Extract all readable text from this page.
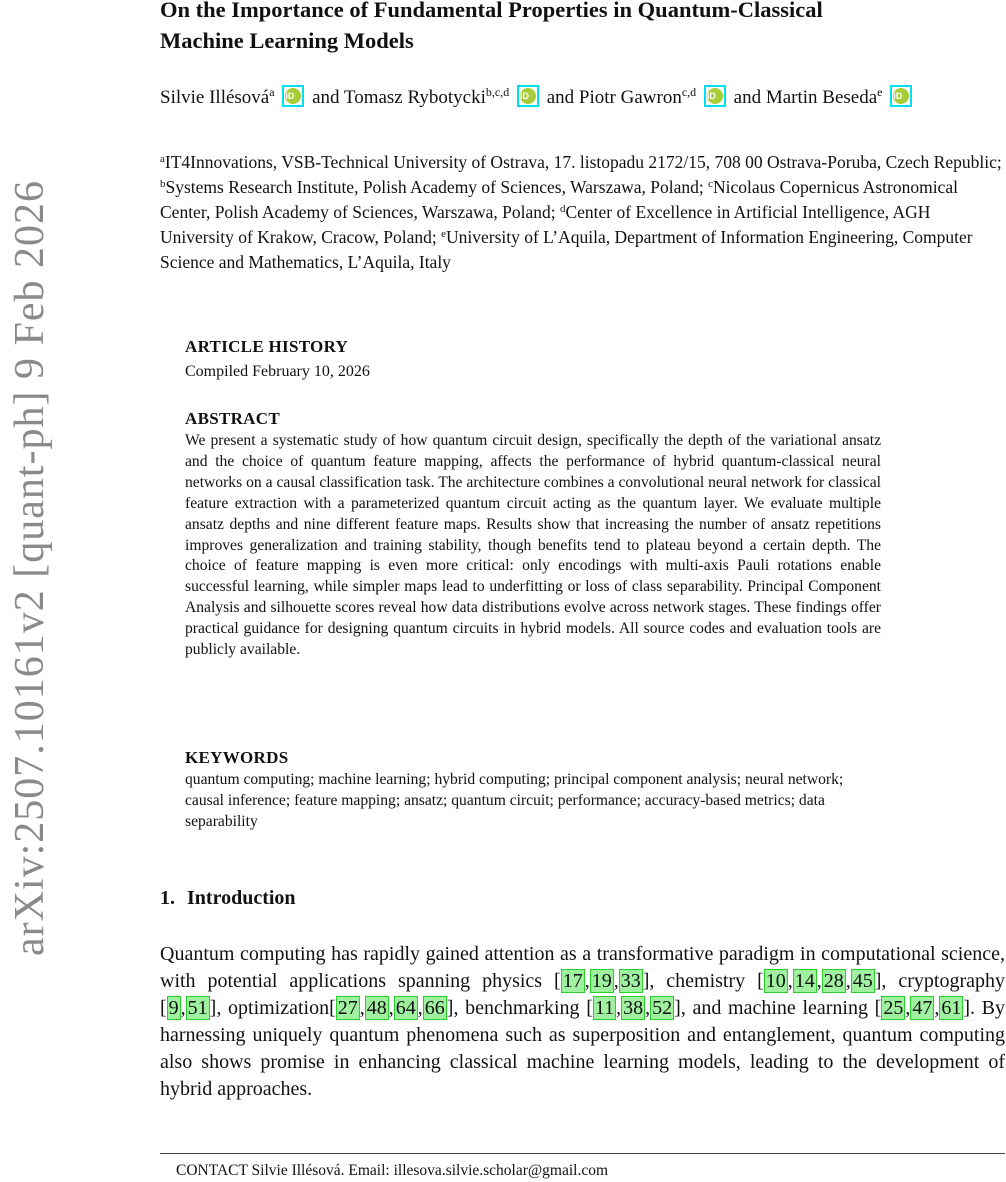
arXiv:2507.10161v2 [quant-ph] 9 Feb 2026
On the Importance of Fundamental Properties in Quantum-Classical
Machine Learning Models
Silvie Illésová$^a$ iD and Tomasz Rybotycki$^{b,c,d}$ iD and Piotr Gawron$^{c,d}$ iD and Martin Beseda$^e$ iD
$^a$IT4Innovations, VSB-Technical University of Ostrava, 17. listopadu 2172/15, 708 00 Ostrava-Poruba, Czech Republic; $^b$Systems Research Institute, Polish Academy of Sciences, Warszawa, Poland; $^c$Nicolaus Copernicus Astronomical Center, Polish Academy of Sciences, Warszawa, Poland; $^d$Center of Excellence in Artificial Intelligence, AGH University of Krakow, Cracow, Poland; $^e$University of L’Aquila, Department of Information Engineering, Computer Science and Mathematics, L’Aquila, Italy
ARTICLE HISTORY
Compiled February 10, 2026
ABSTRACT
We present a systematic study of how quantum circuit design, specifically the depth of the variational ansatz and the choice of quantum feature mapping, affects the performance of hybrid quantum-classical neural networks on a causal classification task. The architecture combines a convolutional neural network for classical feature extraction with a parameterized quantum circuit acting as the quantum layer. We evaluate multiple ansatz depths and nine different feature maps. Results show that increasing the number of ansatz repetitions improves generalization and training stability, though benefits tend to plateau beyond a certain depth. The choice of feature mapping is even more critical: only encodings with multi-axis Pauli rotations enable successful learning, while simpler maps lead to underfitting or loss of class separability. Principal Component Analysis and silhouette scores reveal how data distributions evolve across network stages. These findings offer practical guidance for designing quantum circuits in hybrid models. All source codes and evaluation tools are publicly available.
KEYWORDS
quantum computing; machine learning; hybrid computing; principal component analysis; neural network; causal inference; feature mapping; ansatz; quantum circuit; performance; accuracy-based metrics; data separability
1. Introduction
Quantum computing has rapidly gained attention as a transformative paradigm in computational science, with potential applications spanning physics [ 17 , 19 , 33 ], chemistry [ 10 , 14 , 28 , 45 ], cryptography [ 9 , 51 ], optimization[ 27 , 48 , 64 , 66 ], benchmarking [ 11 , 38 , 52 ], and machine learning [ 25 , 47 , 61 ]. By harnessing uniquely quantum phenomena such as superposition and entanglement, quantum computing also shows promise in enhancing classical machine learning models, leading to the development of hybrid approaches.
CONTACT Silvie Illésová. Email: illesova.silvie.scholar@gmail.com
